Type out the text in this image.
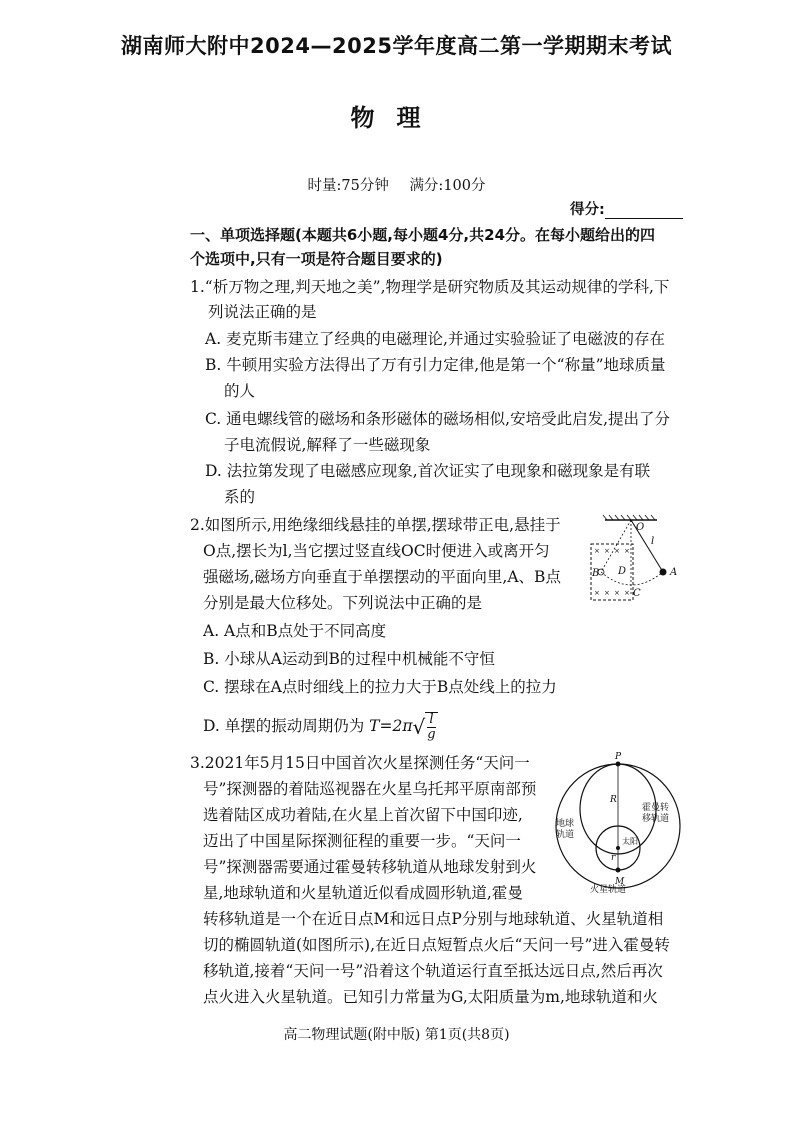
湖南师大附中2024—2025学年度高二第一学期期末考试
物理
时量:75分钟 满分:100分
得分:
一、单项选择题(本题共6小题,每小题4分,共24分。在每小题给出的四
个选项中,只有一项是符合题目要求的)
1.“析万物之理,判天地之美”,物理学是研究物质及其运动规律的学科,下
列说法正确的是
A. 麦克斯韦建立了经典的电磁理论,并通过实验验证了电磁波的存在
B. 牛顿用实验方法得出了万有引力定律,他是第一个“称量”地球质量
的人
C. 通电螺线管的磁场和条形磁体的磁场相似,安培受此启发,提出了分
子电流假说,解释了一些磁现象
D. 法拉第发现了电磁感应现象,首次证实了电现象和磁现象是有联
系的
2.如图所示,用绝缘细线悬挂的单摆,摆球带正电,悬挂于
O点,摆长为l,当它摆过竖直线OC时便进入或离开匀
强磁场,磁场方向垂直于单摆摆动的平面向里,A、B点
分别是最大位移处。下列说法中正确的是
A. A点和B点处于不同高度
B. 小球从A运动到B的过程中机械能不守恒
C. 摆球在A点时细线上的拉力大于B点处线上的拉力
D. 单摆的振动周期仍为 $T=2\pi√ \frac{l}{g}$
× × × ×
× × × ×
O
l
A
B
C
D
3.2021年5月15日中国首次火星探测任务“天问一
号”探测器的着陆巡视器在火星乌托邦平原南部预
选着陆区成功着陆,在火星上首次留下中国印迹,
迈出了中国星际探测征程的重要一步。“天问一
号”探测器需要通过霍曼转移轨道从地球发射到火
星,地球轨道和火星轨道近似看成圆形轨道,霍曼
转移轨道是一个在近日点M和远日点P分别与地球轨道、火星轨道相
切的椭圆轨道(如图所示),在近日点短暂点火后“天问一号”进入霍曼转
移轨道,接着“天问一号”沿着这个轨道运行直至抵达远日点,然后再次
点火进入火星轨道。已知引力常量为G,太阳质量为m,地球轨道和火
P
R
M
r
太阳
地球轨道
霍曼转移轨道
火星轨道
高二物理试题(附中版) 第1页(共8页)
